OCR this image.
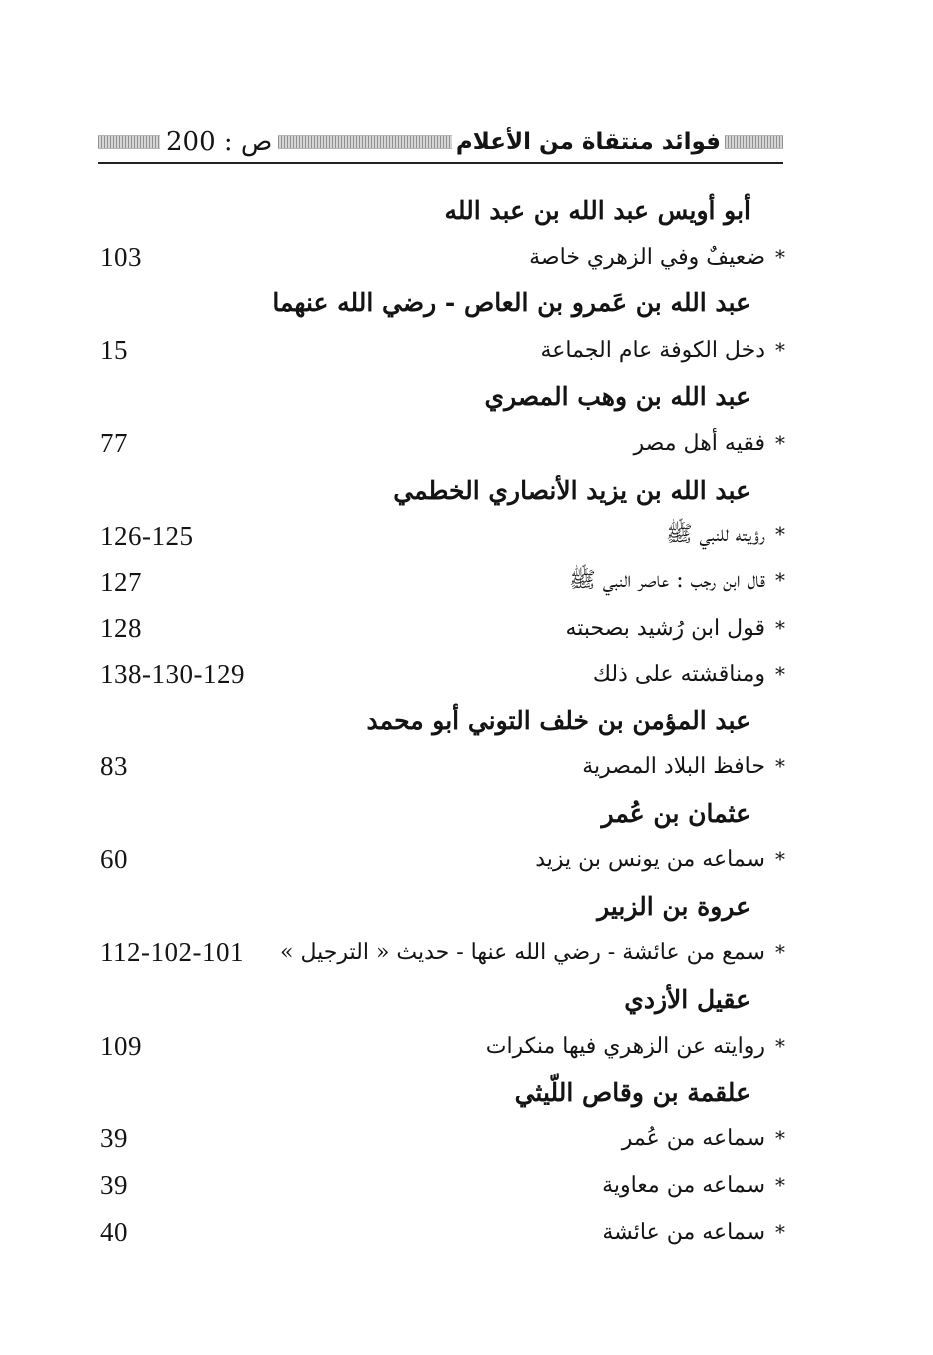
ص : 200	فوائد منتقاة من الأعلام
أبو أويس عبد الله بن عبد الله
*ضعيفٌ وفي الزهري خاصة
103
عبد الله بن عَمرو بن العاص - رضي الله عنهما
*دخل الكوفة عام الجماعة
15
عبد الله بن وهب المصري
*فقيه أهل مصر
77
عبد الله بن يزيد الأنصاري الخطمي
*رؤيته للنبي ﷺ
126-125
*قال ابن رجب : عاصر النبي ﷺ
127
*قول ابن رُشيد بصحبته
128
*ومناقشته على ذلك
138-130-129
عبد المؤمن بن خلف التوني أبو محمد
*حافظ البلاد المصرية
83
عثمان بن عُمر
*سماعه من يونس بن يزيد
60
عروة بن الزبير
*سمع من عائشة - رضي الله عنها - حديث « الترجيل »
112-102-101
عقيل الأزدي
*روايته عن الزهري فيها منكرات
109
علقمة بن وقاص اللّيثي
*سماعه من عُمر
39
*سماعه من معاوية
39
*سماعه من عائشة
40
